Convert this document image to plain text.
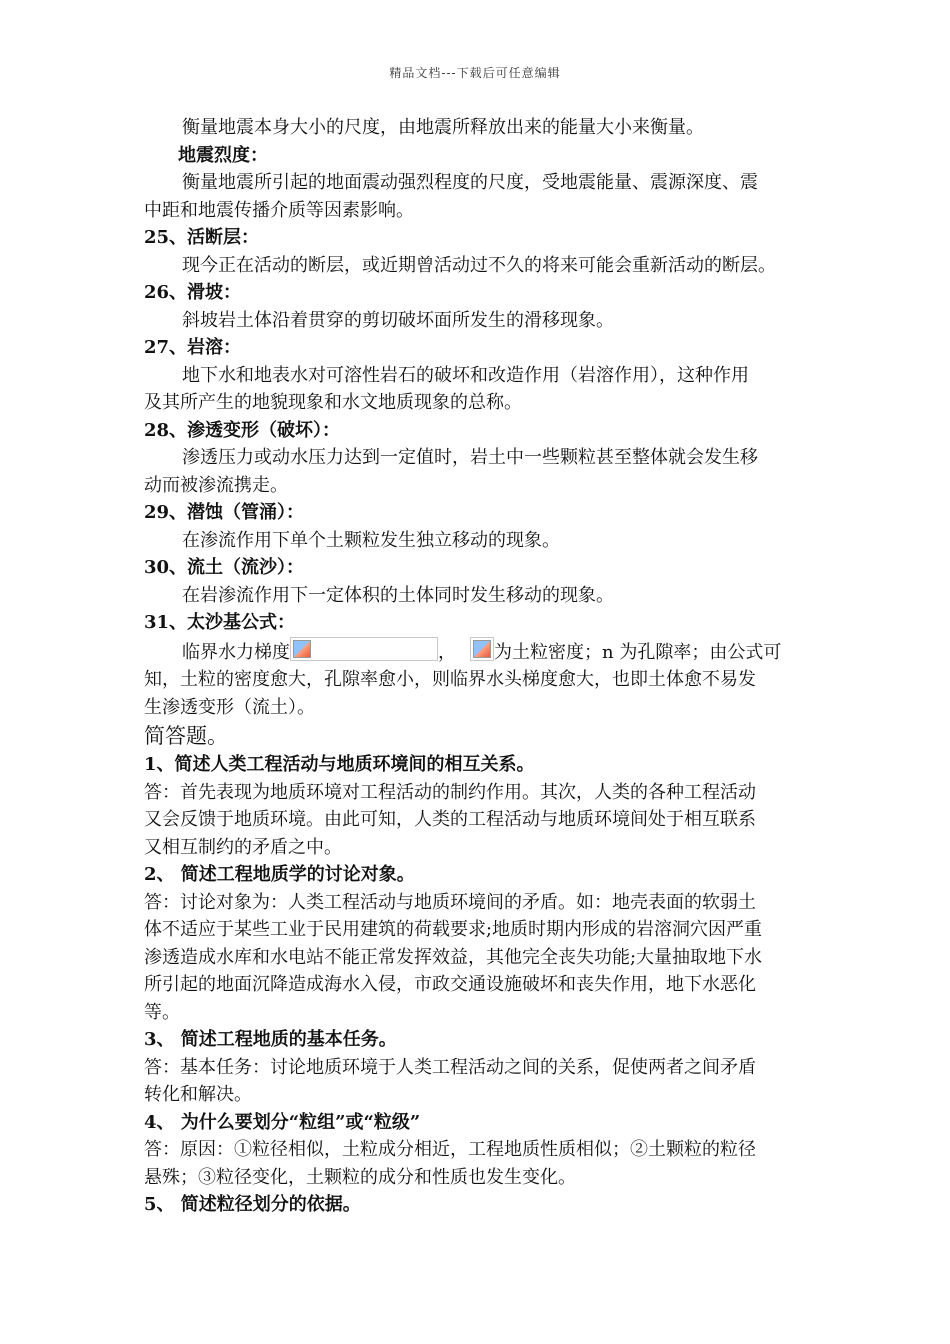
精品文档---下载后可任意编辑
衡量地震本身大小的尺度，由地震所释放出来的能量大小来衡量。
地震烈度：
衡量地震所引起的地面震动强烈程度的尺度，受地震能量、震源深度、震
中距和地震传播介质等因素影响。
25、活断层：
现今正在活动的断层，或近期曾活动过不久的将来可能会重新活动的断层。
26、滑坡：
斜坡岩土体沿着贯穿的剪切破坏面所发生的滑移现象。
27、岩溶：
地下水和地表水对可溶性岩石的破坏和改造作用（岩溶作用），这种作用
及其所产生的地貌现象和水文地质现象的总称。
28、渗透变形（破坏）：
渗透压力或动水压力达到一定值时，岩土中一些颗粒甚至整体就会发生移
动而被渗流携走。
29、潜蚀（管涌）：
在渗流作用下单个土颗粒发生独立移动的现象。
30、流土（流沙）：
在岩渗流作用下一定体积的土体同时发生移动的现象。
31、太沙基公式：
临界水力梯度	， 为土粒密度；n 为孔隙率；由公式可
知，土粒的密度愈大，孔隙率愈小，则临界水头梯度愈大，也即土体愈不易发
生渗透变形（流土）。
简答题。
1、简述人类工程活动与地质环境间的相互关系。
答：首先表现为地质环境对工程活动的制约作用。其次，人类的各种工程活动
又会反馈于地质环境。由此可知，人类的工程活动与地质环境间处于相互联系
又相互制约的矛盾之中。
2、 简述工程地质学的讨论对象。
答：讨论对象为：人类工程活动与地质环境间的矛盾。如：地壳表面的软弱土
体不适应于某些工业于民用建筑的荷载要求;地质时期内形成的岩溶洞穴因严重
渗透造成水库和水电站不能正常发挥效益，其他完全丧失功能;大量抽取地下水
所引起的地面沉降造成海水入侵，市政交通设施破坏和丧失作用，地下水恶化
等。
3、 简述工程地质的基本任务。
答：基本任务：讨论地质环境于人类工程活动之间的关系，促使两者之间矛盾
转化和解决。
4、 为什么要划分“粒组”或“粒级”
答：原因：①粒径相似，土粒成分相近，工程地质性质相似；②土颗粒的粒径
悬殊；③粒径变化，土颗粒的成分和性质也发生变化。
5、 简述粒径划分的依据。
